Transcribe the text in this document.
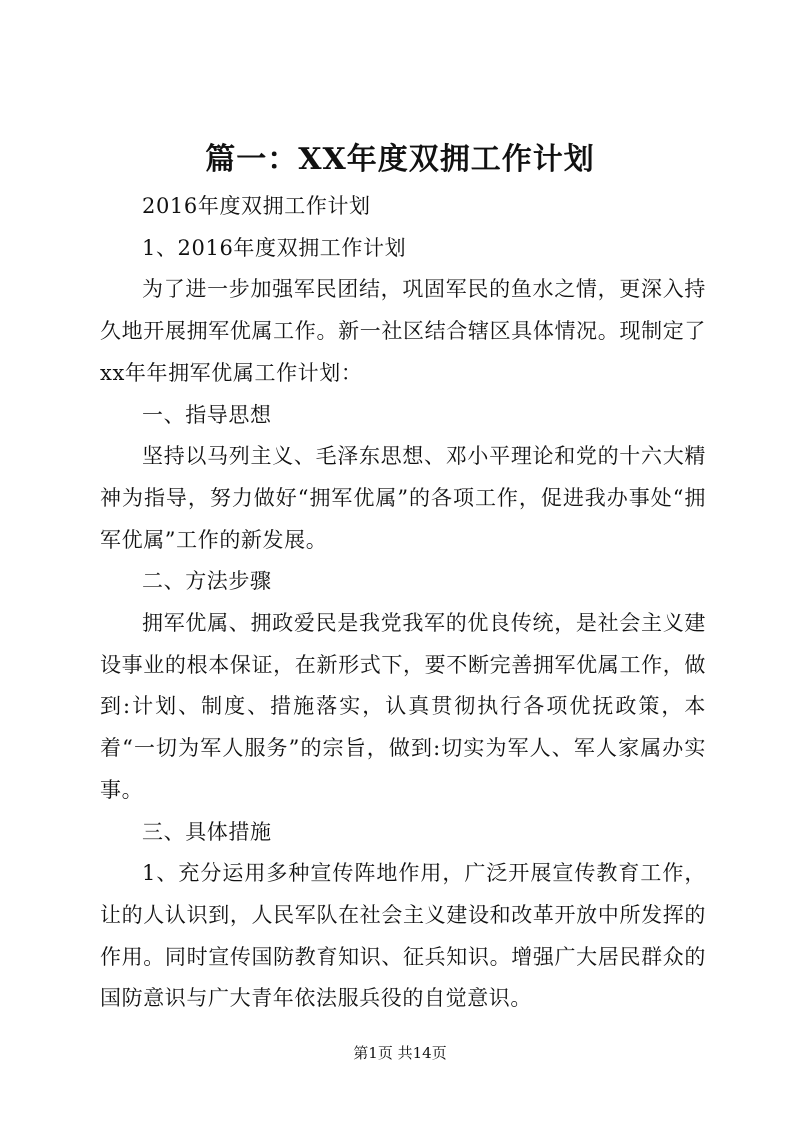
篇一：XX年度双拥工作计划

2016年度双拥工作计划

1、2016年度双拥工作计划

为了进一步加强军民团结，巩固军民的鱼水之情，更深入持久地开展拥军优属工作。新一社区结合辖区具体情况。现制定了xx年年拥军优属工作计划：

一、指导思想

坚持以马列主义、毛泽东思想、邓小平理论和党的十六大精神为指导，努力做好“拥军优属”的各项工作，促进我办事处“拥军优属”工作的新发展。

二、方法步骤

拥军优属、拥政爱民是我党我军的优良传统，是社会主义建设事业的根本保证，在新形式下，要不断完善拥军优属工作，做到:计划、制度、措施落实，认真贯彻执行各项优抚政策，本着“一切为军人服务”的宗旨，做到:切实为军人、军人家属办实事。

三、具体措施

1、充分运用多种宣传阵地作用，广泛开展宣传教育工作，让的人认识到，人民军队在社会主义建设和改革开放中所发挥的作用。同时宣传国防教育知识、征兵知识。增强广大居民群众的国防意识与广大青年依法服兵役的自觉意识。

第1页 共14页
